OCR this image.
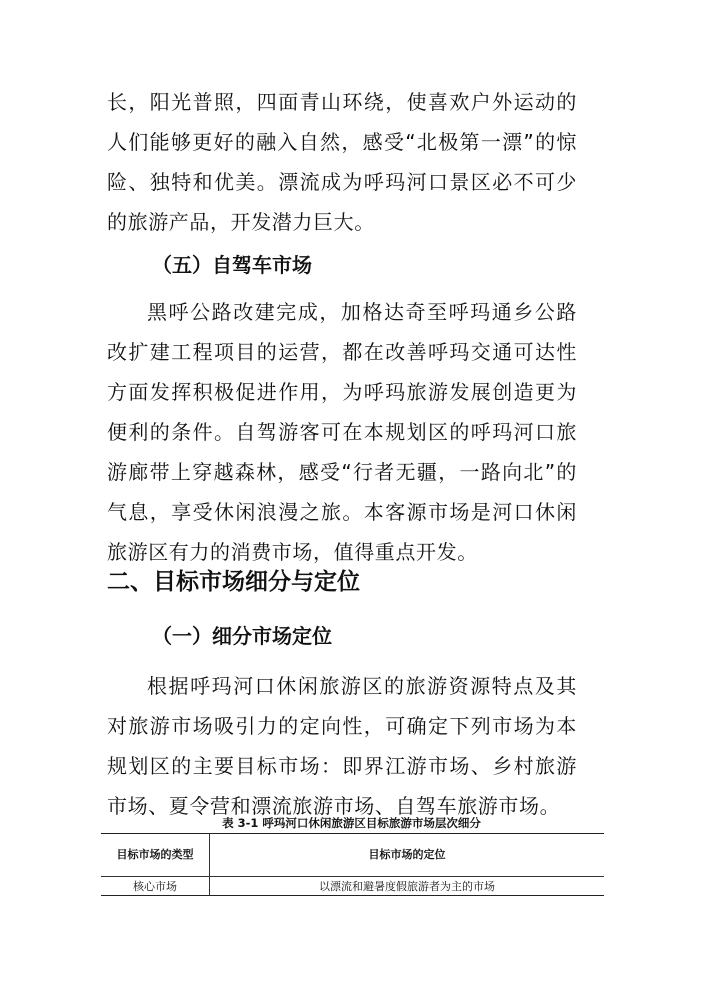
长，阳光普照，四面青山环绕，使喜欢户外运动的人们能够更好的融入自然，感受“北极第一漂”的惊险、独特和优美。漂流成为呼玛河口景区必不可少的旅游产品，开发潜力巨大。

（五）自驾车市场

黑呼公路改建完成，加格达奇至呼玛通乡公路改扩建工程项目的运营，都在改善呼玛交通可达性方面发挥积极促进作用，为呼玛旅游发展创造更为便利的条件。自驾游客可在本规划区的呼玛河口旅游廊带上穿越森林，感受“行者无疆，一路向北”的气息，享受休闲浪漫之旅。本客源市场是河口休闲旅游区有力的消费市场，值得重点开发。

二、目标市场细分与定位
（一）细分市场定位

根据呼玛河口休闲旅游区的旅游资源特点及其对旅游市场吸引力的定向性，可确定下列市场为本规划区的主要目标市场：即界江游市场、乡村旅游市场、夏令营和漂流旅游市场、自驾车旅游市场。

表 3-1 呼玛河口休闲旅游区目标旅游市场层次细分

目标市场的类型	目标市场的定位
核心市场	以漂流和避暑度假旅游者为主的市场
